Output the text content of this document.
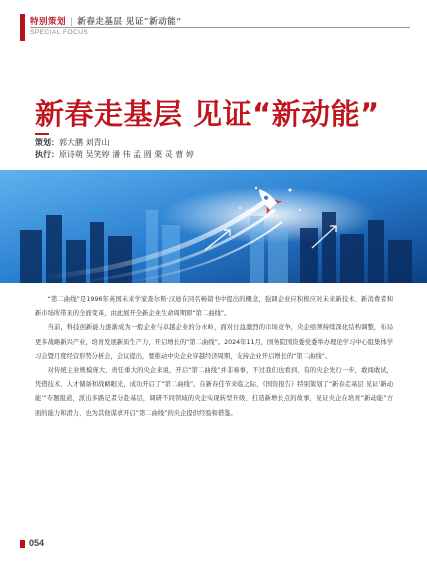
特别策划 | 新春走基层 见证“新动能”
SPECIAL FOCUS
新春走基层 见证“新动能”
策划：郭大鹏 刘青山
执行：原诗萌 吴笑婷 潘 伟 孟 圆 栗 灵 曹 婷

“第二曲线”是1996年英国未来学家查尔斯·汉迪在同名畅销书中提出的概念，强调企业应积极应对未来新技术、新消费者和新市场所带来的全面变革，由此展开全新企业生命周期即“第二曲线”。

当前，科技创新能力逐渐成为一般企业与卓越企业的分水岭，面对日益激烈的市场竞争，央企亟须持续深化结构调整，布局更多战略新兴产业，培育发展新质生产力，开启增长的“第二曲线”。2024年11月，国务院国资委党委举办理论学习中心组集体学习会暨月度经营形势分析会，会议提出，要推动中央企业穿越经济周期，支持企业开启增长的“第二曲线”。

对传统主业规模庞大、责任重大的央企来说，开启“第二曲线”并非易事，不过我们也看到，有的央企先行一步，敢闯敢试，凭借技术、人才储备和战略眼光，成功开启了“第二曲线”。在新春佳节来临之际，《国资报告》特别策划了“新春走基层 见证‘新动能’”专题报道，派出多路记者分赴基层，调研不同领域的央企实现转型升级、打造新增长点的故事，见证央企在培育“新动能”方面的能力和潜力，也为其他谋求开启“第二曲线”的央企提供经验和借鉴。

054
